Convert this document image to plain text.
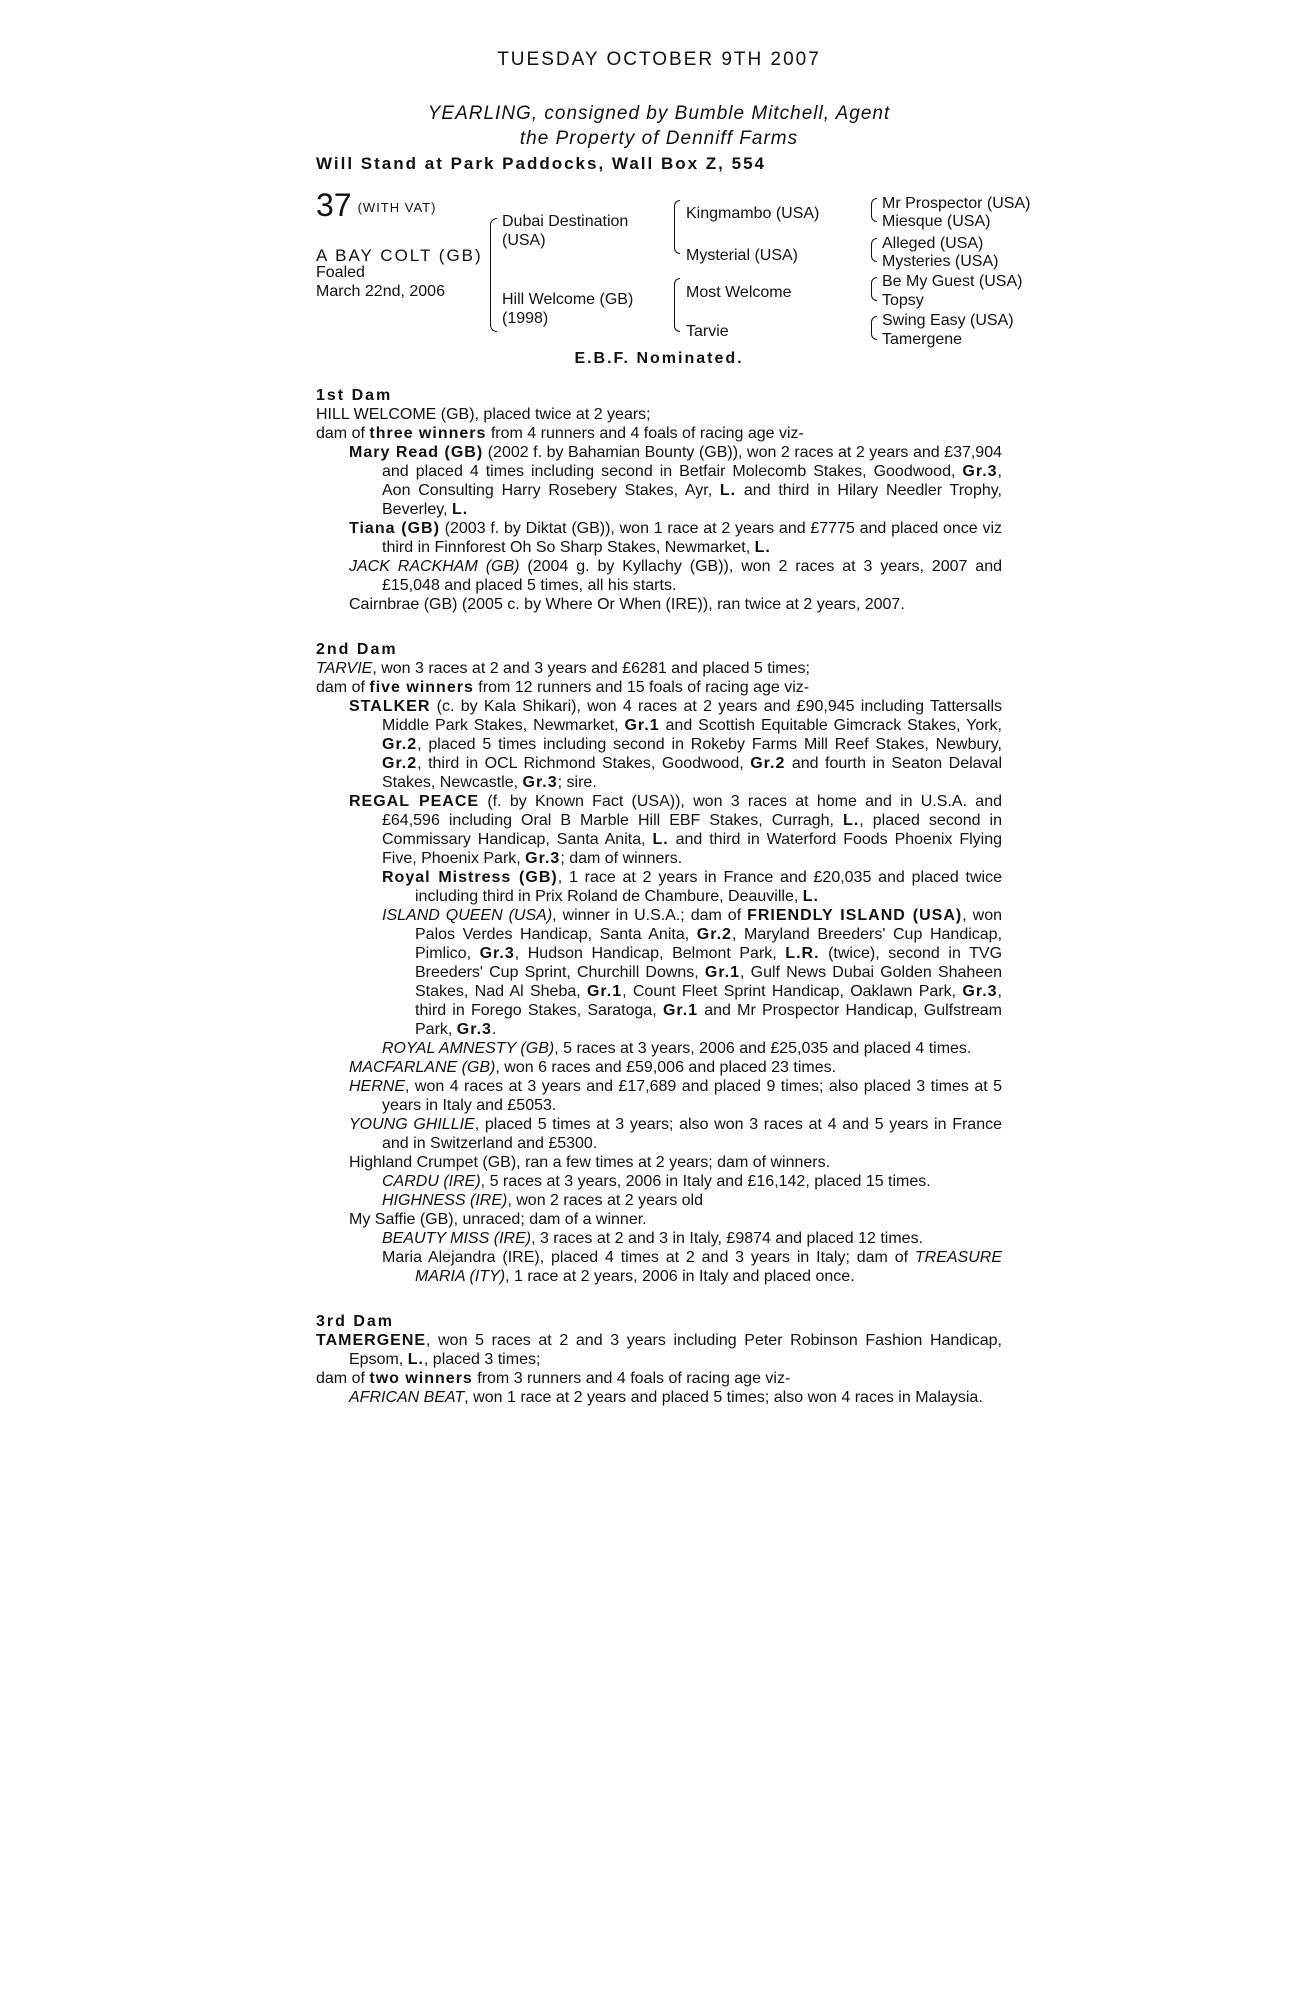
TUESDAY OCTOBER 9TH 2007
YEARLING, consigned by Bumble Mitchell, Agent
the Property of Denniff Farms
Will Stand at Park Paddocks, Wall Box Z, 554
37 (WITH VAT)
A BAY COLT (GB)
Foaled
March 22nd, 2006
Dubai Destination (USA)
Hill Welcome (GB) (1998)
Kingmambo (USA)
Mysterial (USA)
Most Welcome
Tarvie
Mr Prospector (USA)
Miesque (USA)
Alleged (USA)
Mysteries (USA)
Be My Guest (USA)
Topsy
Swing Easy (USA)
Tamergene
E.B.F. Nominated.
1st Dam
HILL WELCOME (GB), placed twice at 2 years;
dam of three winners from 4 runners and 4 foals of racing age viz-
Mary Read (GB) (2002 f. by Bahamian Bounty (GB)), won 2 races at 2 years and £37,904 and placed 4 times including second in Betfair Molecomb Stakes, Goodwood, Gr.3, Aon Consulting Harry Rosebery Stakes, Ayr, L. and third in Hilary Needler Trophy, Beverley, L.
Tiana (GB) (2003 f. by Diktat (GB)), won 1 race at 2 years and £7775 and placed once viz third in Finnforest Oh So Sharp Stakes, Newmarket, L.
JACK RACKHAM (GB) (2004 g. by Kyllachy (GB)), won 2 races at 3 years, 2007 and £15,048 and placed 5 times, all his starts.
Cairnbrae (GB) (2005 c. by Where Or When (IRE)), ran twice at 2 years, 2007.
2nd Dam
TARVIE, won 3 races at 2 and 3 years and £6281 and placed 5 times;
dam of five winners from 12 runners and 15 foals of racing age viz-
STALKER (c. by Kala Shikari), won 4 races at 2 years and £90,945 including Tattersalls Middle Park Stakes, Newmarket, Gr.1 and Scottish Equitable Gimcrack Stakes, York, Gr.2, placed 5 times including second in Rokeby Farms Mill Reef Stakes, Newbury, Gr.2, third in OCL Richmond Stakes, Goodwood, Gr.2 and fourth in Seaton Delaval Stakes, Newcastle, Gr.3; sire.
REGAL PEACE (f. by Known Fact (USA)), won 3 races at home and in U.S.A. and £64,596 including Oral B Marble Hill EBF Stakes, Curragh, L., placed second in Commissary Handicap, Santa Anita, L. and third in Waterford Foods Phoenix Flying Five, Phoenix Park, Gr.3; dam of winners.
Royal Mistress (GB), 1 race at 2 years in France and £20,035 and placed twice including third in Prix Roland de Chambure, Deauville, L.
ISLAND QUEEN (USA), winner in U.S.A.; dam of FRIENDLY ISLAND (USA), won Palos Verdes Handicap, Santa Anita, Gr.2, Maryland Breeders' Cup Handicap, Pimlico, Gr.3, Hudson Handicap, Belmont Park, L.R. (twice), second in TVG Breeders' Cup Sprint, Churchill Downs, Gr.1, Gulf News Dubai Golden Shaheen Stakes, Nad Al Sheba, Gr.1, Count Fleet Sprint Handicap, Oaklawn Park, Gr.3, third in Forego Stakes, Saratoga, Gr.1 and Mr Prospector Handicap, Gulfstream Park, Gr.3.
ROYAL AMNESTY (GB), 5 races at 3 years, 2006 and £25,035 and placed 4 times.
MACFARLANE (GB), won 6 races and £59,006 and placed 23 times.
HERNE, won 4 races at 3 years and £17,689 and placed 9 times; also placed 3 times at 5 years in Italy and £5053.
YOUNG GHILLIE, placed 5 times at 3 years; also won 3 races at 4 and 5 years in France and in Switzerland and £5300.
Highland Crumpet (GB), ran a few times at 2 years; dam of winners.
CARDU (IRE), 5 races at 3 years, 2006 in Italy and £16,142, placed 15 times.
HIGHNESS (IRE), won 2 races at 2 years old
My Saffie (GB), unraced; dam of a winner.
BEAUTY MISS (IRE), 3 races at 2 and 3 in Italy, £9874 and placed 12 times.
Maria Alejandra (IRE), placed 4 times at 2 and 3 years in Italy; dam of TREASURE MARIA (ITY), 1 race at 2 years, 2006 in Italy and placed once.
3rd Dam
TAMERGENE, won 5 races at 2 and 3 years including Peter Robinson Fashion Handicap, Epsom, L., placed 3 times;
dam of two winners from 3 runners and 4 foals of racing age viz-
AFRICAN BEAT, won 1 race at 2 years and placed 5 times; also won 4 races in Malaysia.
